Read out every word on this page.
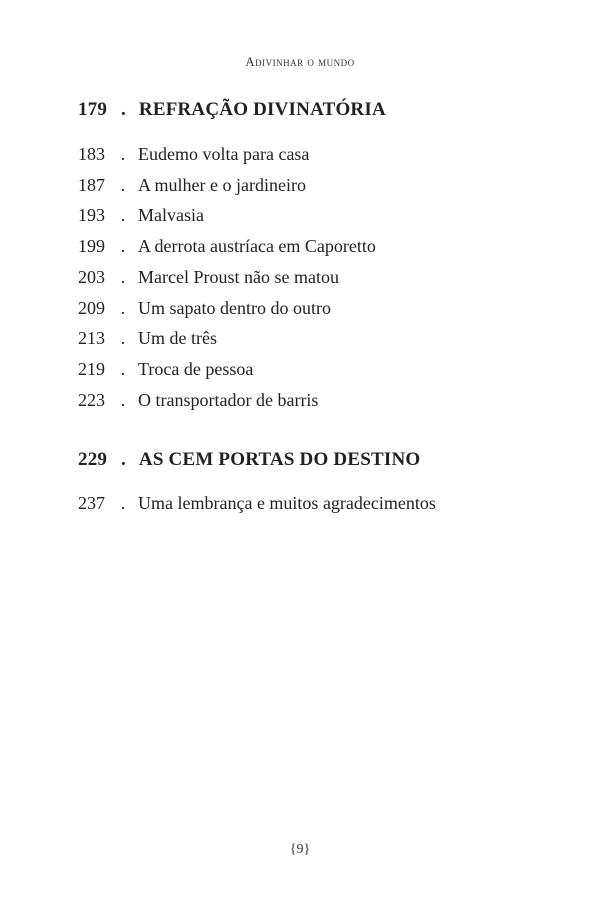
Adivinhar o mundo
179 . REFRAÇÃO DIVINATÓRIA
183 . Eudemo volta para casa
187 . A mulher e o jardineiro
193 . Malvasia
199 . A derrota austríaca em Caporetto
203 . Marcel Proust não se matou
209 . Um sapato dentro do outro
213 . Um de três
219 . Troca de pessoa
223 . O transportador de barris
229 . AS CEM PORTAS DO DESTINO
237 . Uma lembrança e muitos agradecimentos
{9}
